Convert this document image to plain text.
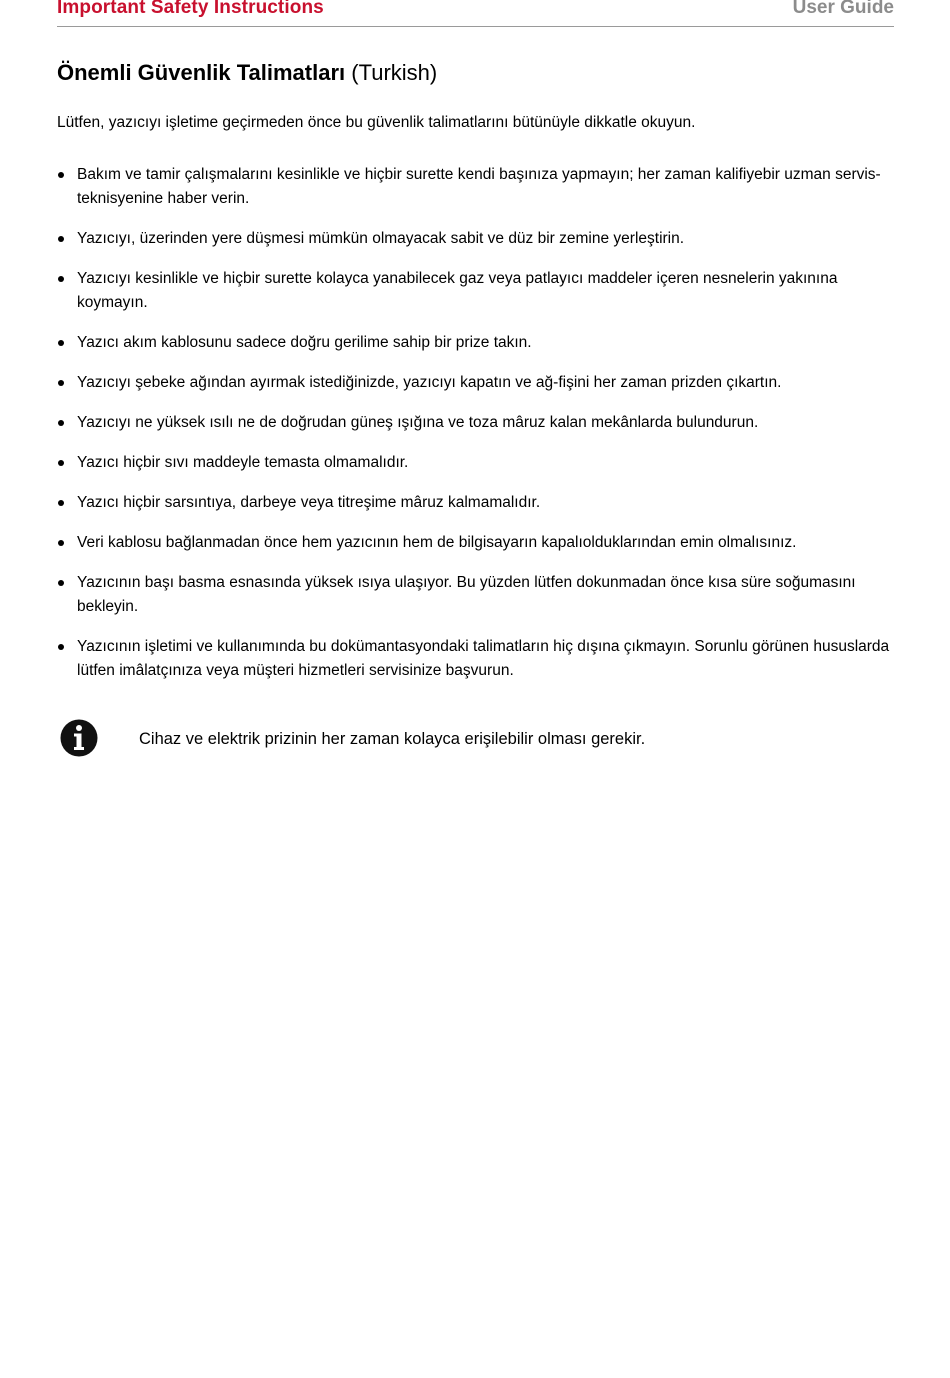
Important Safety Instructions	User Guide
Önemli Güvenlik Talimatları (Turkish)
Lütfen, yazıcıyı işletime geçirmeden önce bu güvenlik talimatlarını bütünüyle dikkatle okuyun.
Bakım ve tamir çalışmalarını kesinlikle ve hiçbir surette kendi başınıza yapmayın; her zaman kalifiyebir uzman servis-teknisyenine haber verin.
Yazıcıyı, üzerinden yere düşmesi mümkün olmayacak sabit ve düz bir zemine yerleştirin.
Yazıcıyı kesinlikle ve hiçbir surette kolayca yanabilecek gaz veya patlayıcı maddeler içeren nesnelerin yakınına koymayın.
Yazıcı akım kablosunu sadece doğru gerilime sahip bir prize takın.
Yazıcıyı şebeke ağından ayırmak istediğinizde, yazıcıyı kapatın ve ağ-fişini her zaman prizden çıkartın.
Yazıcıyı ne yüksek ısılı ne de doğrudan güneş ışığına ve toza mâruz kalan mekânlarda bulundurun.
Yazıcı hiçbir sıvı maddeyle temasta olmamalıdır.
Yazıcı hiçbir sarsıntıya, darbeye veya titreşime mâruz kalmamalıdır.
Veri kablosu bağlanmadan önce hem yazıcının hem de bilgisayarın kapalıolduklarından emin olmalısınız.
Yazıcının başı basma esnasında yüksek ısıya ulaşıyor. Bu yüzden lütfen dokunmadan önce kısa süre soğumasını bekleyin.
Yazıcının işletimi ve kullanımında bu dokümantasyondaki talimatların hiç dışına çıkmayın. Sorunlu görünen hususlarda lütfen imâlatçınıza veya müşteri hizmetleri servisinize başvurun.
Cihaz ve elektrik prizinin her zaman kolayca erişilebilir olması gerekir.
